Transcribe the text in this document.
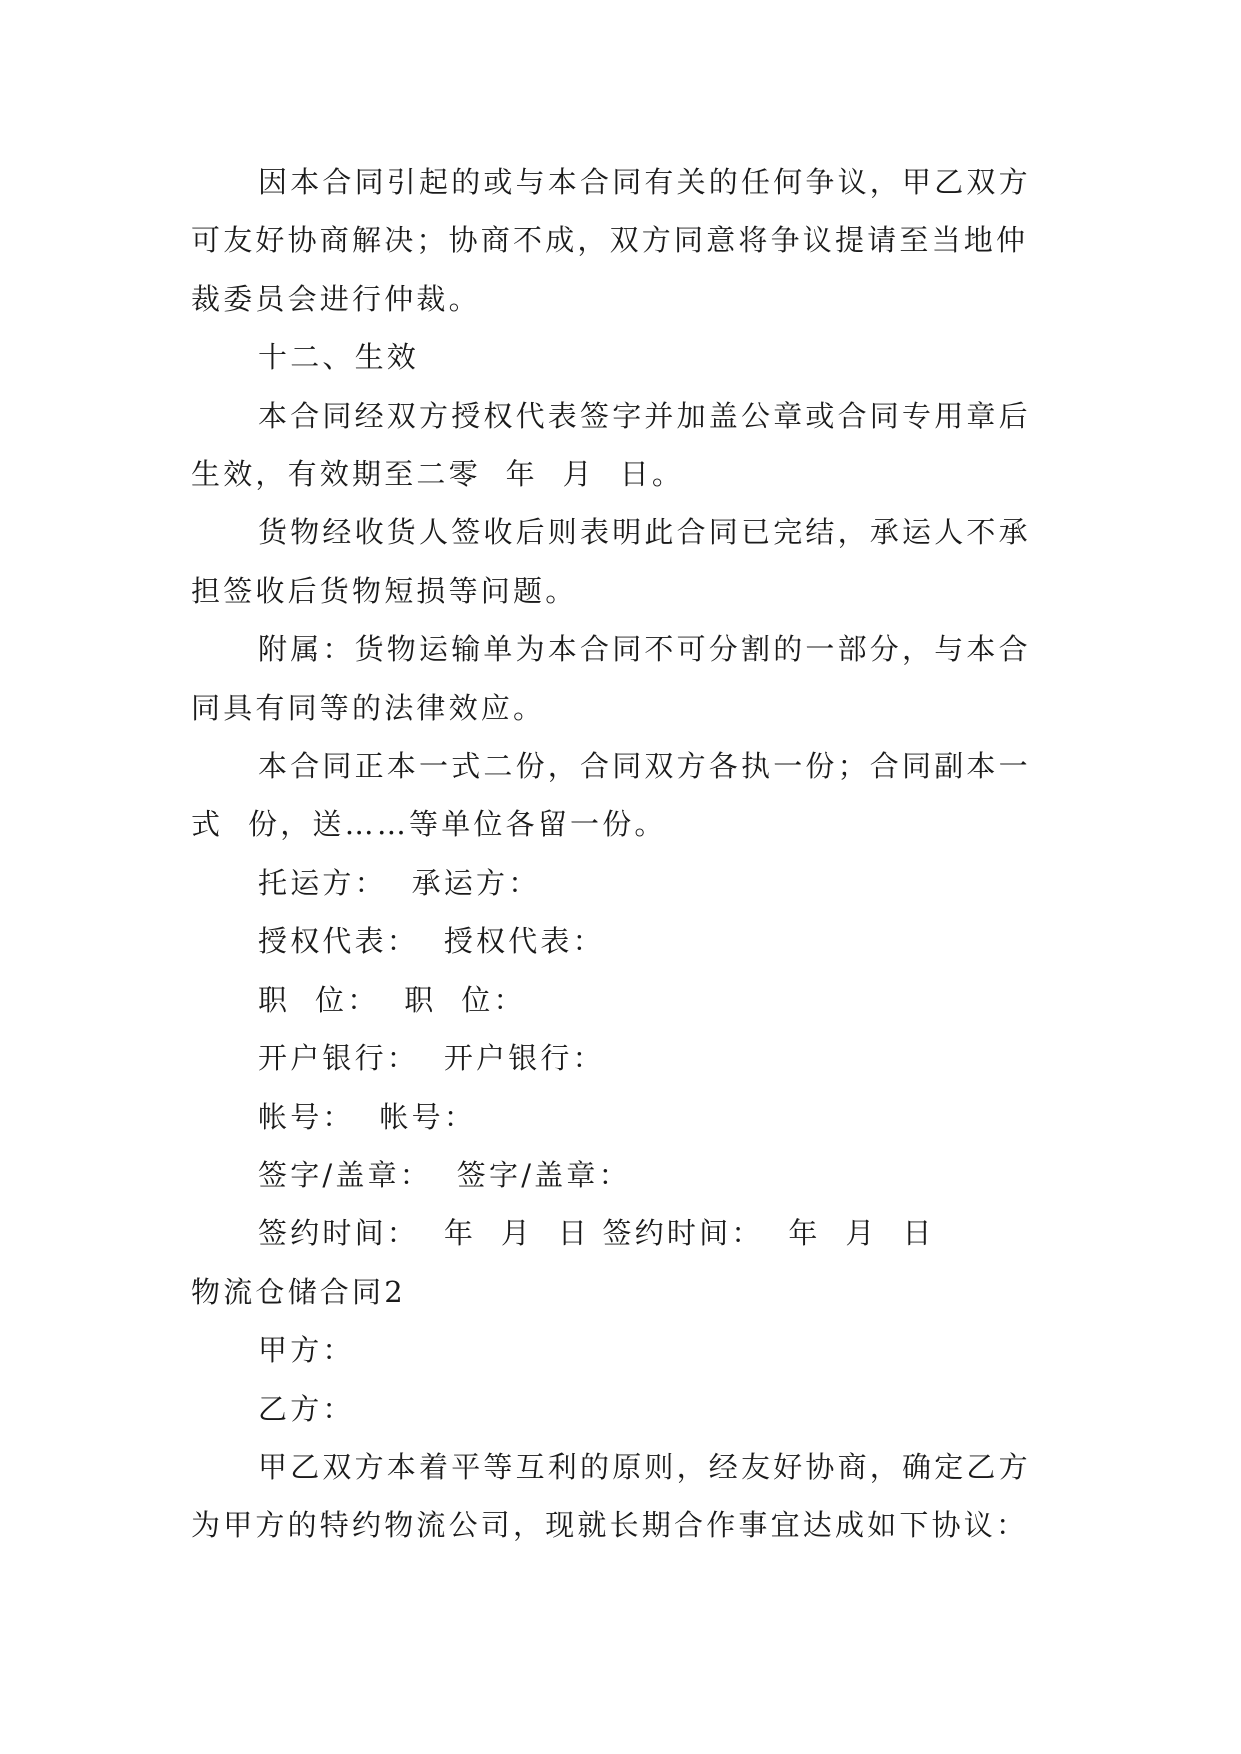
因本合同引起的或与本合同有关的任何争议，甲乙双方可友好协商解决；协商不成，双方同意将争议提请至当地仲裁委员会进行仲裁。

十二、生效

本合同经双方授权代表签字并加盖公章或合同专用章后生效，有效期至二零  年  月  日。

货物经收货人签收后则表明此合同已完结，承运人不承担签收后货物短损等问题。

附属：货物运输单为本合同不可分割的一部分，与本合同具有同等的法律效应。

本合同正本一式二份，合同双方各执一份；合同副本一式  份，送……等单位各留一份。

托运方：  承运方：

授权代表：  授权代表：

职  位：  职  位：

开户银行：  开户银行：

帐号：  帐号：

签字/盖章：  签字/盖章：

签约时间：  年  月  日 签约时间：  年  月  日

物流仓储合同2

甲方：

乙方：

甲乙双方本着平等互利的原则，经友好协商，确定乙方为甲方的特约物流公司，现就长期合作事宜达成如下协议：
